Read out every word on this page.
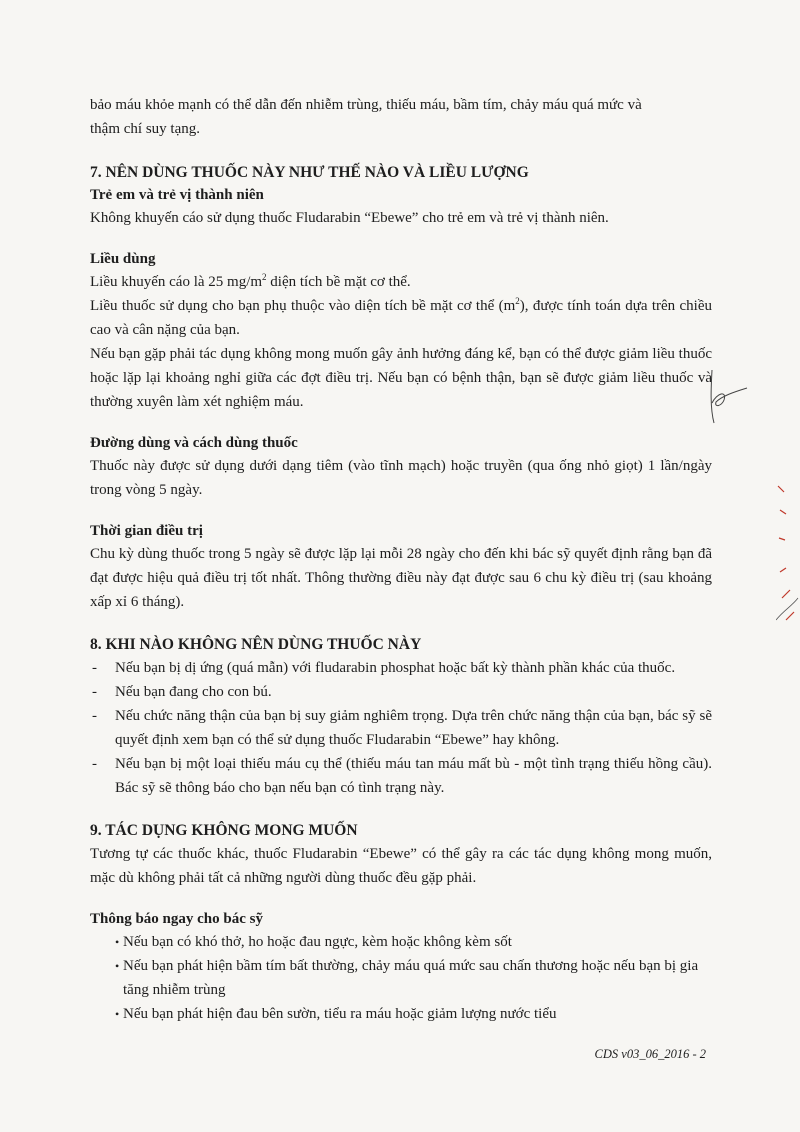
bảo máu khỏe mạnh có thể dẫn đến nhiễm trùng, thiếu máu, bầm tím, chảy máu quá mức và
thậm chí suy tạng.

7. NÊN DÙNG THUỐC NÀY NHƯ THẾ NÀO VÀ LIỀU LƯỢNG

Trẻ em và trẻ vị thành niên

Không khuyến cáo sử dụng thuốc Fludarabin “Ebewe” cho trẻ em và trẻ vị thành niên.

Liều dùng

Liều khuyến cáo là 25 $mg/m^2$ diện tích bề mặt cơ thể.

Liều thuốc sử dụng cho bạn phụ thuộc vào diện tích bề mặt cơ thể $(m^2)$, được tính toán dựa trên chiều cao và cân nặng của bạn.

Nếu bạn gặp phải tác dụng không mong muốn gây ảnh hưởng đáng kể, bạn có thể được giảm liều thuốc hoặc lặp lại khoảng nghỉ giữa các đợt điều trị. Nếu bạn có bệnh thận, bạn sẽ được giảm liều thuốc và thường xuyên làm xét nghiệm máu.

Đường dùng và cách dùng thuốc

Thuốc này được sử dụng dưới dạng tiêm (vào tĩnh mạch) hoặc truyền (qua ống nhỏ giọt) 1 lần/ngày trong vòng 5 ngày.

Thời gian điều trị

Chu kỳ dùng thuốc trong 5 ngày sẽ được lặp lại mỗi 28 ngày cho đến khi bác sỹ quyết định rằng bạn đã đạt được hiệu quả điều trị tốt nhất. Thông thường điều này đạt được sau 6 chu kỳ điều trị (sau khoảng xấp xỉ 6 tháng).

8. KHI NÀO KHÔNG NÊN DÙNG THUỐC NÀY

- Nếu bạn bị dị ứng (quá mẫn) với fludarabin phosphat hoặc bất kỳ thành phần khác của thuốc.
- Nếu bạn đang cho con bú.
- Nếu chức năng thận của bạn bị suy giảm nghiêm trọng. Dựa trên chức năng thận của bạn, bác sỹ sẽ quyết định xem bạn có thể sử dụng thuốc Fludarabin “Ebewe” hay không.
- Nếu bạn bị một loại thiếu máu cụ thể (thiếu máu tan máu mất bù - một tình trạng thiếu hồng cầu). Bác sỹ sẽ thông báo cho bạn nếu bạn có tình trạng này.

9. TÁC DỤNG KHÔNG MONG MUỐN

Tương tự các thuốc khác, thuốc Fludarabin “Ebewe” có thể gây ra các tác dụng không mong muốn, mặc dù không phải tất cả những người dùng thuốc đều gặp phải.

Thông báo ngay cho bác sỹ

• Nếu bạn có khó thở, ho hoặc đau ngực, kèm hoặc không kèm sốt
• Nếu bạn phát hiện bầm tím bất thường, chảy máu quá mức sau chấn thương hoặc nếu bạn bị gia tăng nhiễm trùng
• Nếu bạn phát hiện đau bên sườn, tiểu ra máu hoặc giảm lượng nước tiểu
CDS v03_06_2016 - 2
